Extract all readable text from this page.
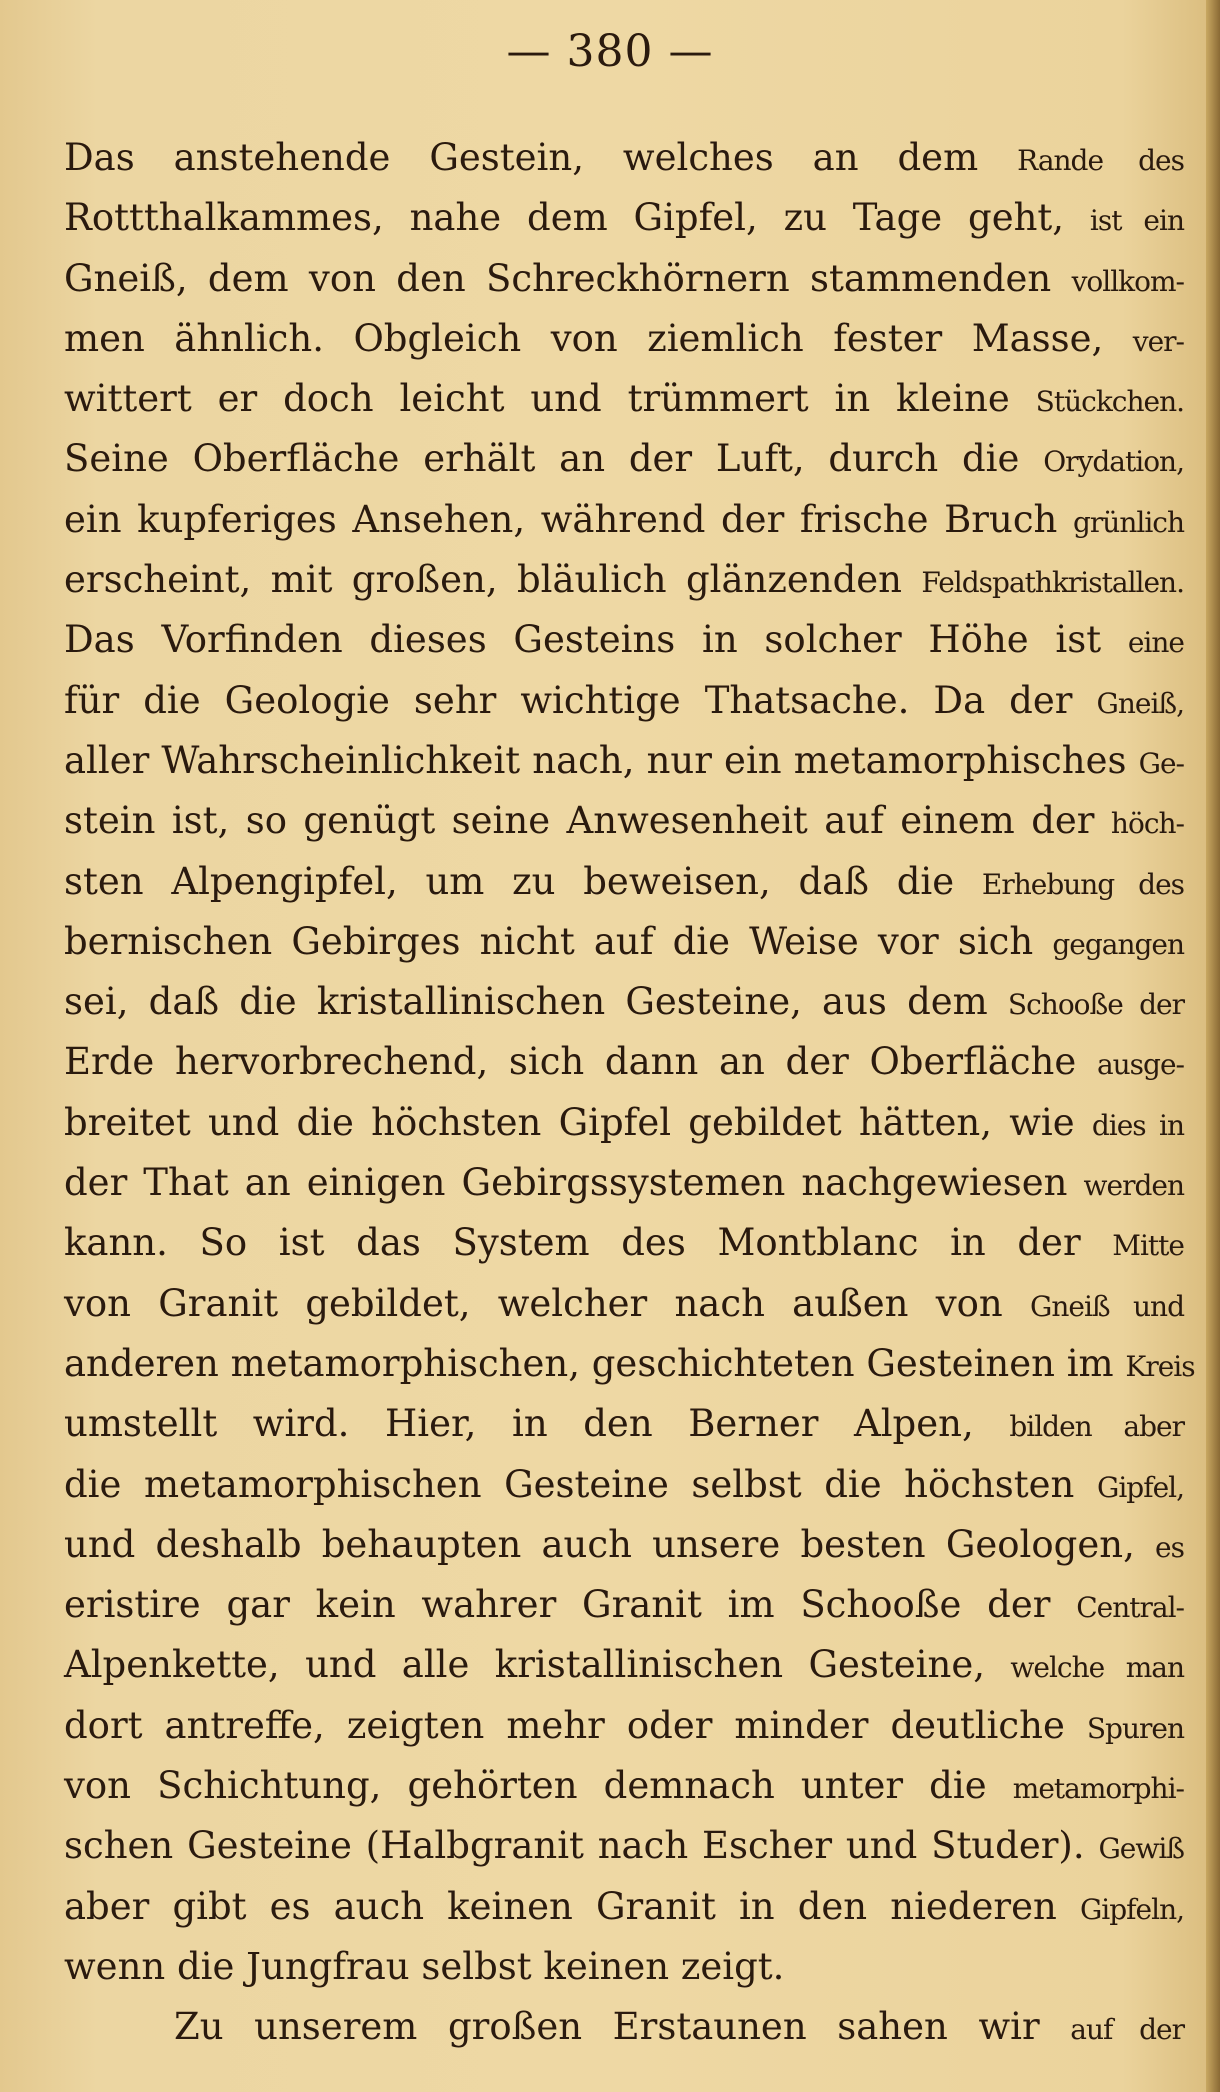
— 380 —
Das anstehende Gestein, welches an dem Rande des
Rottthalkammes, nahe dem Gipfel, zu Tage geht, ist ein
Gneiß, dem von den Schreckhörnern stammenden vollkom-
men ähnlich. Obgleich von ziemlich fester Masse, ver-
wittert er doch leicht und trümmert in kleine Stückchen.
Seine Oberfläche erhält an der Luft, durch die Orydation,
ein kupferiges Ansehen, während der frische Bruch grünlich
erscheint, mit großen, bläulich glänzenden Feldspathkristallen.
Das Vorfinden dieses Gesteins in solcher Höhe ist eine
für die Geologie sehr wichtige Thatsache. Da der Gneiß,
aller Wahrscheinlichkeit nach, nur ein metamorphisches Ge-
stein ist, so genügt seine Anwesenheit auf einem der höch-
sten Alpengipfel, um zu beweisen, daß die Erhebung des
bernischen Gebirges nicht auf die Weise vor sich gegangen
sei, daß die kristallinischen Gesteine, aus dem Schooße der
Erde hervorbrechend, sich dann an der Oberfläche ausge-
breitet und die höchsten Gipfel gebildet hätten, wie dies in
der That an einigen Gebirgssystemen nachgewiesen werden
kann. So ist das System des Montblanc in der Mitte
von Granit gebildet, welcher nach außen von Gneiß und
anderen metamorphischen, geschichteten Gesteinen im Kreis
umstellt wird. Hier, in den Berner Alpen, bilden aber
die metamorphischen Gesteine selbst die höchsten Gipfel,
und deshalb behaupten auch unsere besten Geologen, es
eristire gar kein wahrer Granit im Schooße der Central-
Alpenkette, und alle kristallinischen Gesteine, welche man
dort antreffe, zeigten mehr oder minder deutliche Spuren
von Schichtung, gehörten demnach unter die metamorphi-
schen Gesteine (Halbgranit nach Escher und Studer). Gewiß
aber gibt es auch keinen Granit in den niederen Gipfeln,
wenn die Jungfrau selbst keinen zeigt.
Zu unserem großen Erstaunen sahen wir auf der
